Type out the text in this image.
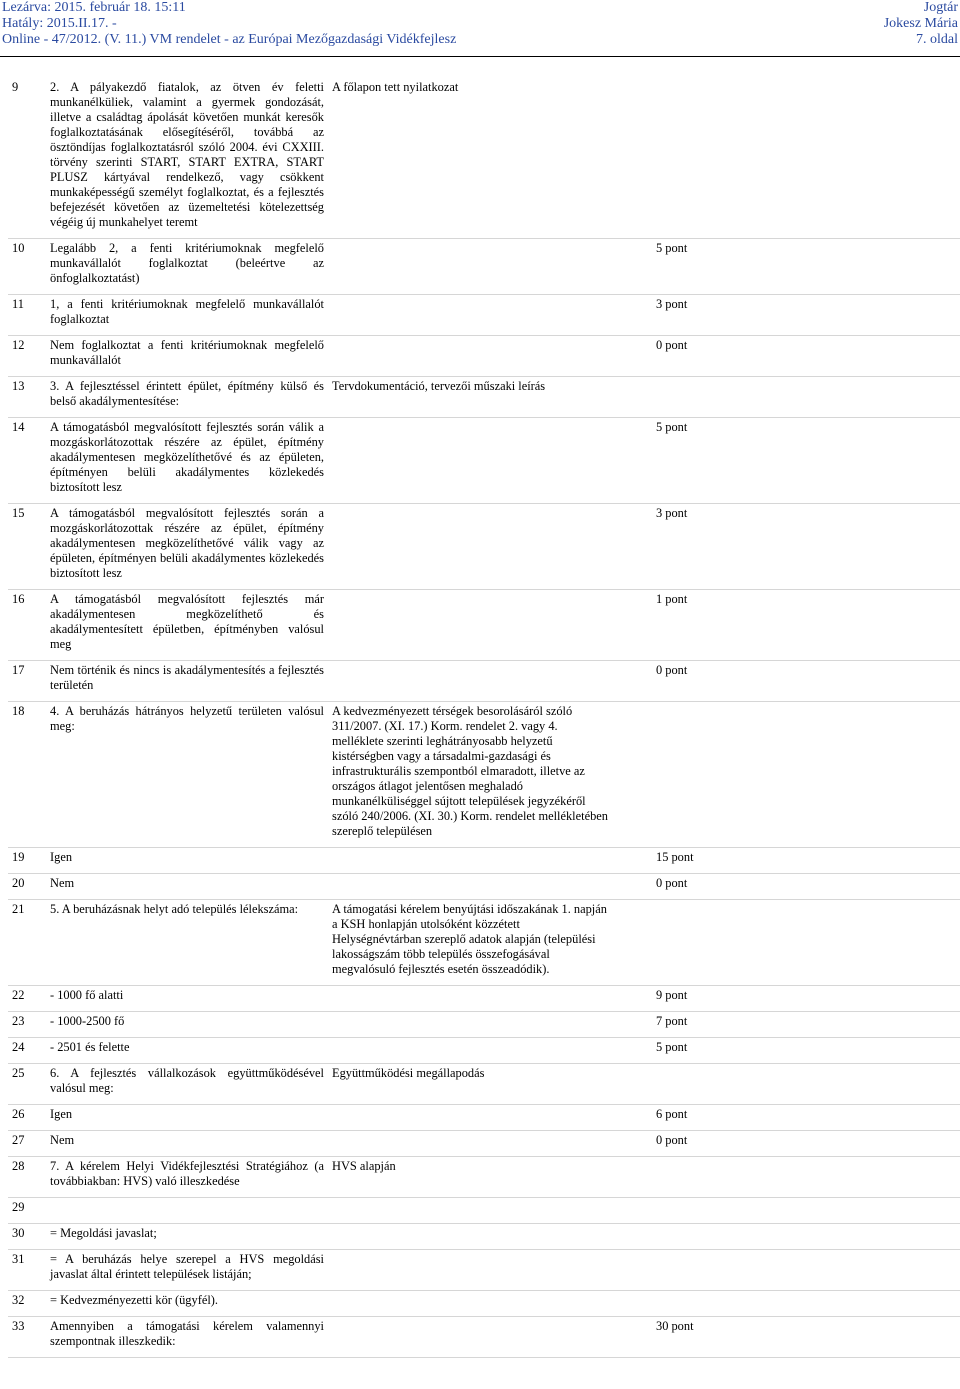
Lezárva: 2015. február 18. 15:11
Hatály: 2015.II.17. -
Online - 47/2012. (V. 11.) VM rendelet - az Európai Mezőgazdasági Vidékfejlesz
Jogtár
Jokesz Mária
7. oldal
9	2. A pályakezdő fiatalok, az ötven év feletti munkanélküliek, valamint a gyermek gondozását, illetve a családtag ápolását követően munkát keresők foglalkoztatásának elősegítéséről, továbbá az ösztöndíjas foglalkoztatásról szóló 2004. évi CXXIII. törvény szerinti START, START EXTRA, START PLUSZ kártyával rendelkező, vagy csökkent munkaképességű személyt foglalkoztat, és a fejlesztés befejezését követően az üzemeltetési kötelezettség végéig új munkahelyet teremt	A főlapon tett nyilatkozat	
10	Legalább 2, a fenti kritériumoknak megfelelő munkavállalót foglalkoztat (beleértve az önfoglalkoztatást)		5 pont
11	1, a fenti kritériumoknak megfelelő munkavállalót foglalkoztat		3 pont
12	Nem foglalkoztat a fenti kritériumoknak megfelelő munkavállalót		0 pont
13	3. A fejlesztéssel érintett épület, építmény külső és belső akadálymentesítése:	Tervdokumentáció, tervezői műszaki leírás	
14	A támogatásból megvalósított fejlesztés során válik a mozgáskorlátozottak részére az épület, építmény akadálymentesen megközelíthetővé és az épületen, építményen belüli akadálymentes közlekedés biztosított lesz		5 pont
15	A támogatásból megvalósított fejlesztés során a mozgáskorlátozottak részére az épület, építmény akadálymentesen megközelíthetővé válik vagy az épületen, építményen belüli akadálymentes közlekedés biztosított lesz		3 pont
16	A támogatásból megvalósított fejlesztés már akadálymentesen megközelíthető és akadálymentesített épületben, építményben valósul meg		1 pont
17	Nem történik és nincs is akadálymentesítés a fejlesztés területén		0 pont
18	4. A beruházás hátrányos helyzetű területen valósul meg:	A kedvezményezett térségek besorolásáról szóló 311/2007. (XI. 17.) Korm. rendelet 2. vagy 4. melléklete szerinti leghátrányosabb helyzetű kistérségben vagy a társadalmi-gazdasági és infrastrukturális szempontból elmaradott, illetve az országos átlagot jelentősen meghaladó munkanélküliséggel sújtott települések jegyzékéről szóló 240/2006. (XI. 30.) Korm. rendelet mellékletében szereplő településen	
19	Igen		15 pont
20	Nem		0 pont
21	5. A beruházásnak helyt adó település lélekszáma:	A támogatási kérelem benyújtási időszakának 1. napján a KSH honlapján utolsóként közzétett Helységnévtárban szereplő adatok alapján (települési lakosságszám több település összefogásával megvalósuló fejlesztés esetén összeadódik).	
22	- 1000 fő alatti		9 pont
23	- 1000-2500 fő		7 pont
24	- 2501 és felette		5 pont
25	6. A fejlesztés vállalkozások együttműködésével valósul meg:	Együttműködési megállapodás	
26	Igen		6 pont
27	Nem		0 pont
28	7. A kérelem Helyi Vidékfejlesztési Stratégiához (a továbbiakban: HVS) való illeszkedése	HVS alapján	
29			
30	= Megoldási javaslat;		
31	= A beruházás helye szerepel a HVS megoldási javaslat által érintett települések listáján;		
32	= Kedvezményezetti kör (ügyfél).		
33	Amennyiben a támogatási kérelem valamennyi szempontnak illeszkedik:		30 pont
